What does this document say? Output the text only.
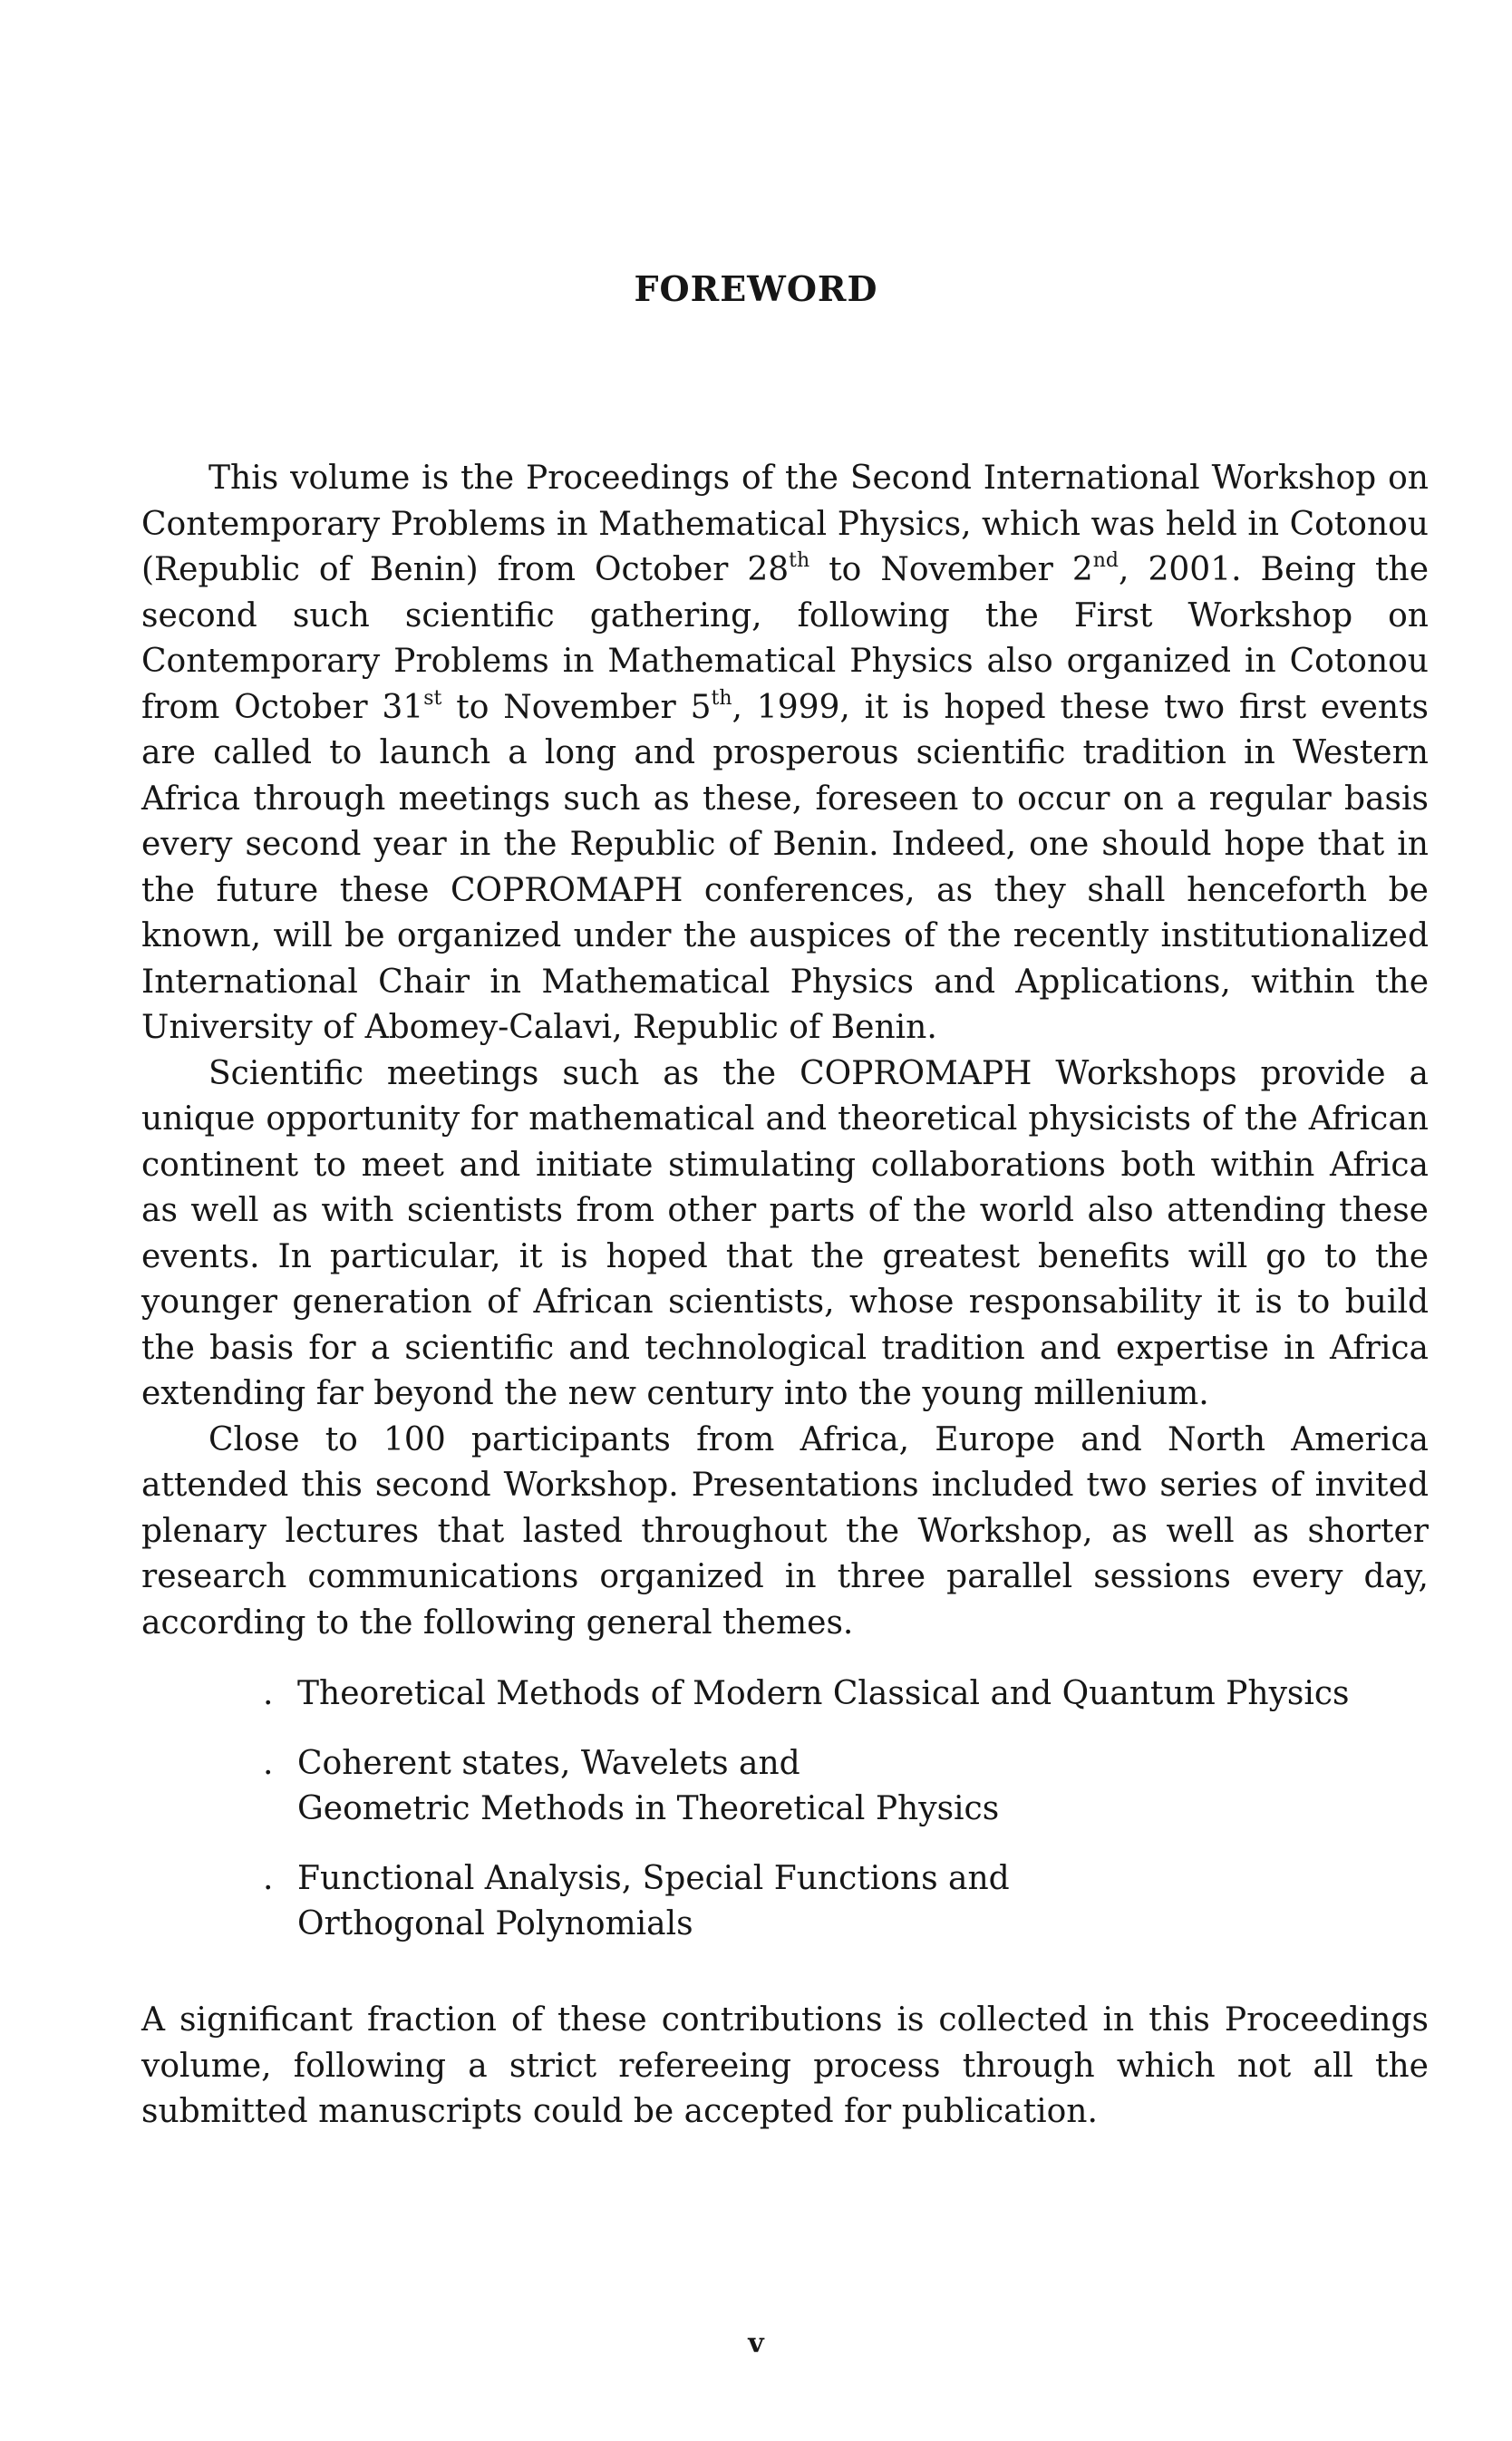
FOREWORD

This volume is the Proceedings of the Second International Workshop on Contemporary Problems in Mathematical Physics, which was held in Cotonou (Republic of Benin) from October 28th to November 2nd, 2001. Being the second such scientific gathering, following the First Workshop on Contemporary Problems in Mathematical Physics also organized in Cotonou from October 31st to November 5th, 1999, it is hoped these two first events are called to launch a long and prosperous scientific tradition in Western Africa through meetings such as these, foreseen to occur on a regular basis every second year in the Republic of Benin. Indeed, one should hope that in the future these COPROMAPH conferences, as they shall henceforth be known, will be organized under the auspices of the recently institutionalized International Chair in Mathematical Physics and Applications, within the University of Abomey-Calavi, Republic of Benin.

Scientific meetings such as the COPROMAPH Workshops provide a unique opportunity for mathematical and theoretical physicists of the African continent to meet and initiate stimulating collaborations both within Africa as well as with scientists from other parts of the world also attending these events. In particular, it is hoped that the greatest benefits will go to the younger generation of African scientists, whose responsability it is to build the basis for a scientific and technological tradition and expertise in Africa extending far beyond the new century into the young millenium.

Close to 100 participants from Africa, Europe and North America attended this second Workshop. Presentations included two series of invited plenary lectures that lasted throughout the Workshop, as well as shorter research communications organized in three parallel sessions every day, according to the following general themes.

. Theoretical Methods of Modern Classical and Quantum Physics
. Coherent states, Wavelets and
Geometric Methods in Theoretical Physics
. Functional Analysis, Special Functions and
Orthogonal Polynomials

A significant fraction of these contributions is collected in this Proceedings volume, following a strict refereeing process through which not all the submitted manuscripts could be accepted for publication.

v
